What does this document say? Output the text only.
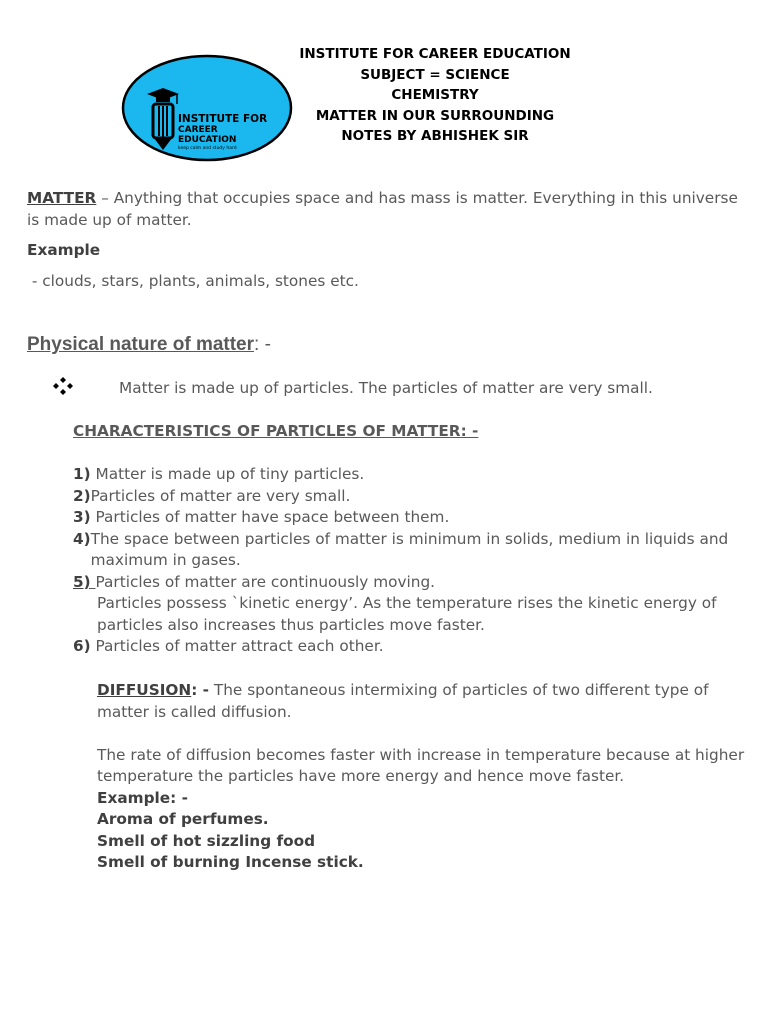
INSTITUTE FOR
CAREER
EDUCATION
keep calm and study hard
INSTITUTE FOR CAREER EDUCATION
SUBJECT = SCIENCE
CHEMISTRY
MATTER IN OUR SURROUNDING
NOTES BY ABHISHEK SIR
MATTER – Anything that occupies space and has mass is matter. Everything in this universe is made up of matter.
Example
- clouds, stars, plants, animals, stones etc.
Physical nature of matter: -
Matter is made up of particles. The particles of matter are very small.
CHARACTERISTICS OF PARTICLES OF MATTER: -
1)
Matter is made up of tiny particles.
2) Particles of matter are very small.
3)
Particles of matter have space between them.
4) The space between particles of matter is minimum in solids, medium in liquids and maximum in gases.
5)
Particles of matter are continuously moving.
Particles possess `kinetic energy’. As the temperature rises the kinetic energy of particles also increases thus particles move faster.
6)
Particles of matter attract each other.
DIFFUSION: - The spontaneous intermixing of particles of two different type of matter is called diffusion.
The rate of diffusion becomes faster with increase in temperature because at higher temperature the particles have more energy and hence move faster.
Example: -
Aroma of perfumes.
Smell of hot sizzling food
Smell of burning Incense stick.
